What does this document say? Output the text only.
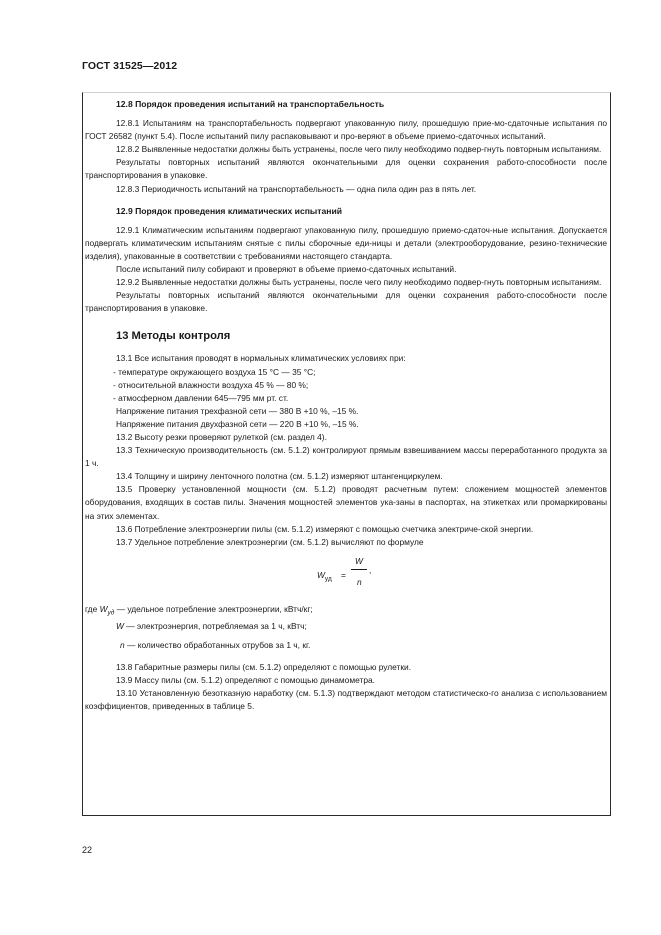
ГОСТ 31525—2012

12.8 Порядок проведения испытаний на транспортабельность

12.8.1 Испытаниям на транспортабельность подвергают упакованную пилу, прошедшую прие-мо-сдаточные испытания по ГОСТ 26582 (пункт 5.4). После испытаний пилу распаковывают и про-веряют в объеме приемо-сдаточных испытаний.

12.8.2 Выявленные недостатки должны быть устранены, после чего пилу необходимо подвер-гнуть повторным испытаниям.

Результаты повторных испытаний являются окончательными для оценки сохранения работо-способности после транспортирования в упаковке.

12.8.3 Периодичность испытаний на транспортабельность — одна пила один раз в пять лет.

12.9 Порядок проведения климатических испытаний

12.9.1 Климатическим испытаниям подвергают упакованную пилу, прошедшую приемо-сдаточ-ные испытания. Допускается подвергать климатическим испытаниям снятые с пилы сборочные еди-ницы и детали (электрооборудование, резино-технические изделия), упакованные в соответствии с требованиями настоящего стандарта.

После испытаний пилу собирают и проверяют в объеме приемо-сдаточных испытаний.

12.9.2 Выявленные недостатки должны быть устранены, после чего пилу необходимо подвер-гнуть повторным испытаниям.

Результаты повторных испытаний являются окончательными для оценки сохранения работо-способности после транспортирования в упаковке.

13 Методы контроля

13.1 Все испытания проводят в нормальных климатических условиях при:

- температуре окружающего воздуха 15 °С — 35 °С;

- относительной влажности воздуха 45 % — 80 %;

- атмосферном давлении 645—795 мм рт. ст.

Напряжение питания трехфазной сети — 380 В +10 %, –15 %.

Напряжение питания двухфазной сети — 220 В +10 %, –15 %.

13.2 Высоту резки проверяют рулеткой (см. раздел 4).

13.3 Техническую производительность (см. 5.1.2) контролируют прямым взвешиванием массы переработанного продукта за 1 ч.

13.4 Толщину и ширину ленточного полотна (см. 5.1.2) измеряют штангенциркулем.

13.5 Проверку установленной мощности (см. 5.1.2) проводят расчетным путем: сложением мощностей элементов оборудования, входящих в состав пилы. Значения мощностей элементов ука-заны в паспортах, на этикетках или промаркированы на этих элементах.

13.6 Потребление электроэнергии пилы (см. 5.1.2) измеряют с помощью счетчика электриче-ской энергии.

13.7 Удельное потребление электроэнергии (см. 5.1.2) вычисляют по формуле

$W_{уд}$ =
W
n
,

где $W_{уд}$ — удельное потребление электроэнергии, кВтч/кг;

W — электроэнергия, потребляемая за 1 ч, кВтч;

n — количество обработанных отрубов за 1 ч, кг.

13.8 Габаритные размеры пилы (см. 5.1.2) определяют с помощью рулетки.

13.9 Массу пилы (см. 5.1.2) определяют с помощью динамометра.

13.10 Установленную безотказную наработку (см. 5.1.3) подтверждают методом статистическо-го анализа с использованием коэффициентов, приведенных в таблице 5.

22
